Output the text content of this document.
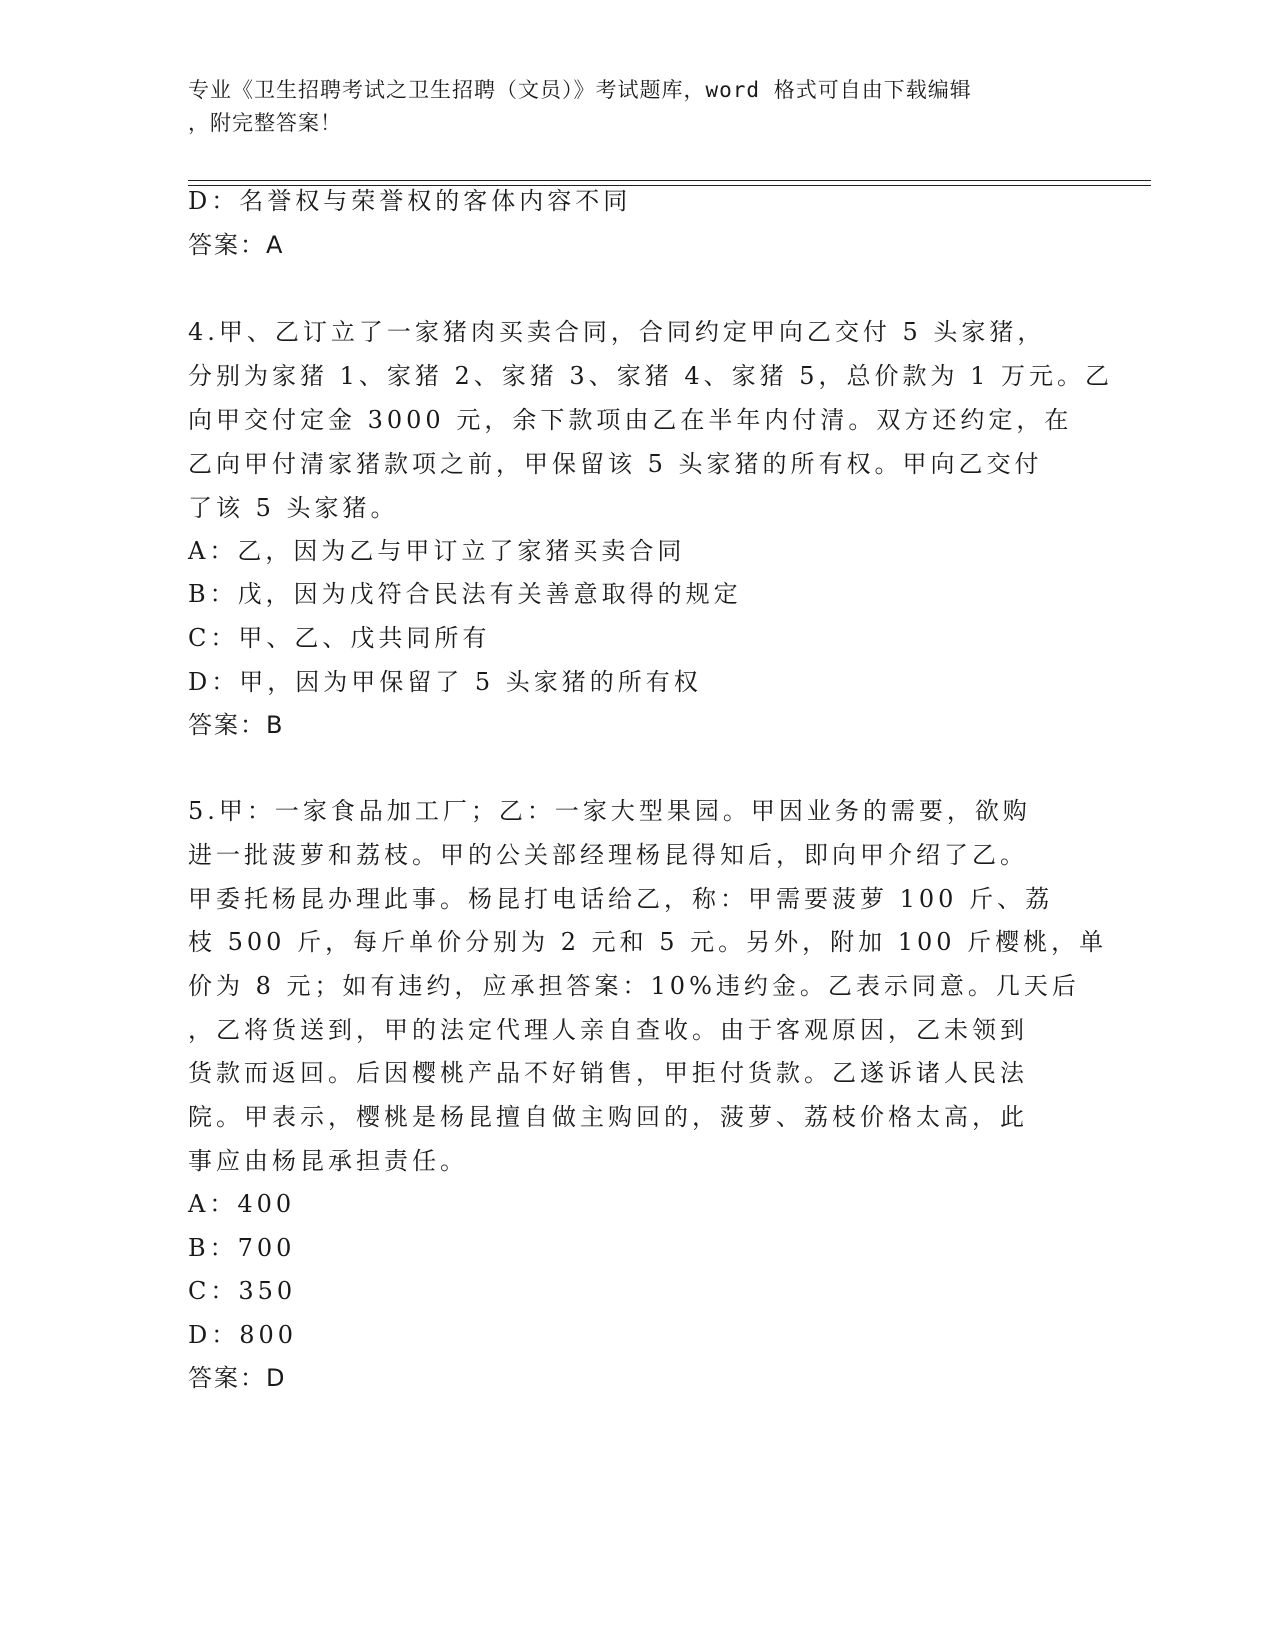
专业《卫生招聘考试之卫生招聘（文员）》考试题库，word 格式可自由下载编辑
，附完整答案！
D：名誉权与荣誉权的客体内容不同
答案：A
4.甲、乙订立了一家猪肉买卖合同，合同约定甲向乙交付 5 头家猪，
分别为家猪 1、家猪 2、家猪 3、家猪 4、家猪 5，总价款为 1 万元。乙
向甲交付定金 3000 元，余下款项由乙在半年内付清。双方还约定，在
乙向甲付清家猪款项之前，甲保留该 5 头家猪的所有权。甲向乙交付
了该 5 头家猪。
A：乙，因为乙与甲订立了家猪买卖合同
B：戊，因为戊符合民法有关善意取得的规定
C：甲、乙、戊共同所有
D：甲，因为甲保留了 5 头家猪的所有权
答案：B
5.甲：一家食品加工厂；乙：一家大型果园。甲因业务的需要，欲购
进一批菠萝和荔枝。甲的公关部经理杨昆得知后，即向甲介绍了乙。
甲委托杨昆办理此事。杨昆打电话给乙，称：甲需要菠萝 100 斤、荔
枝 500 斤，每斤单价分别为 2 元和 5 元。另外，附加 100 斤樱桃，单
价为 8 元；如有违约，应承担答案：10%违约金。乙表示同意。几天后
，乙将货送到，甲的法定代理人亲自查收。由于客观原因，乙未领到
货款而返回。后因樱桃产品不好销售，甲拒付货款。乙遂诉诸人民法
院。甲表示，樱桃是杨昆擅自做主购回的，菠萝、荔枝价格太高，此
事应由杨昆承担责任。
A：400
B：700
C：350
D：800
答案：D
